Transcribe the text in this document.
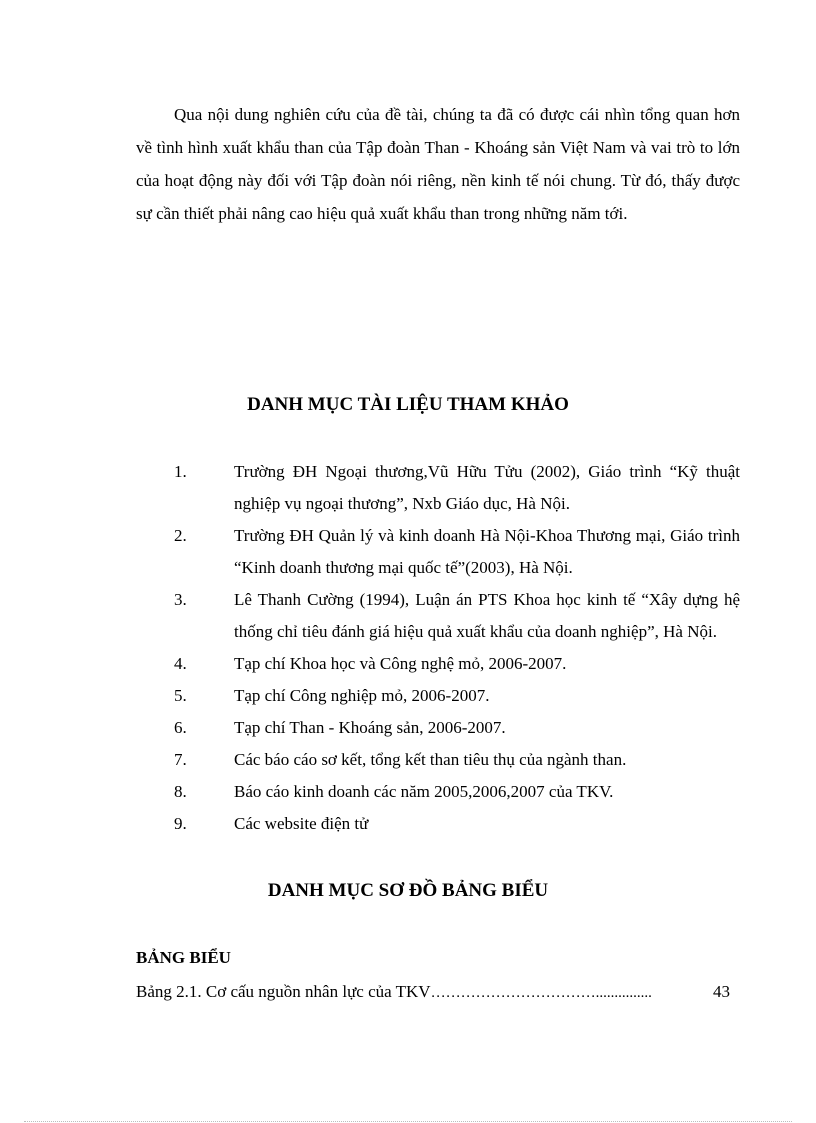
Qua nội dung nghiên cứu của đề tài, chúng ta đã có được cái nhìn tổng quan hơn về tình hình xuất khẩu than của Tập đoàn Than - Khoáng sản Việt Nam và vai trò to lớn của hoạt động này đối với Tập đoàn nói riêng, nền kinh tế nói chung. Từ đó, thấy được sự cần thiết phải nâng cao hiệu quả xuất khẩu than trong những năm tới.

DANH MỤC TÀI LIỆU THAM KHẢO
1.	Trường ĐH Ngoại thương,Vũ Hữu Tửu (2002), Giáo trình “Kỹ thuật nghiệp vụ ngoại thương”, Nxb Giáo dục, Hà Nội.
2.	Trường ĐH Quản lý và kinh doanh Hà Nội-Khoa Thương mại, Giáo trình “Kinh doanh thương mại quốc tế”(2003), Hà Nội.
3.	Lê Thanh Cường (1994), Luận án PTS Khoa học kinh tế “Xây dựng hệ thống chỉ tiêu đánh giá hiệu quả xuất khẩu của doanh nghiệp”, Hà Nội.
4.	Tạp chí Khoa học và Công nghệ mỏ, 2006-2007.
5.	Tạp chí Công nghiệp mỏ, 2006-2007.
6.	Tạp chí Than - Khoáng sản, 2006-2007.
7.	Các báo cáo sơ kết, tổng kết than tiêu thụ của ngành than.
8.	Báo cáo kinh doanh các năm 2005,2006,2007 của TKV.
9.	Các website điện tử
DANH MỤC SƠ ĐỒ BẢNG BIỂU

BẢNG BIỂU

Bảng 2.1. Cơ cấu nguồn nhân lực của TKV ……………………………...............	43
